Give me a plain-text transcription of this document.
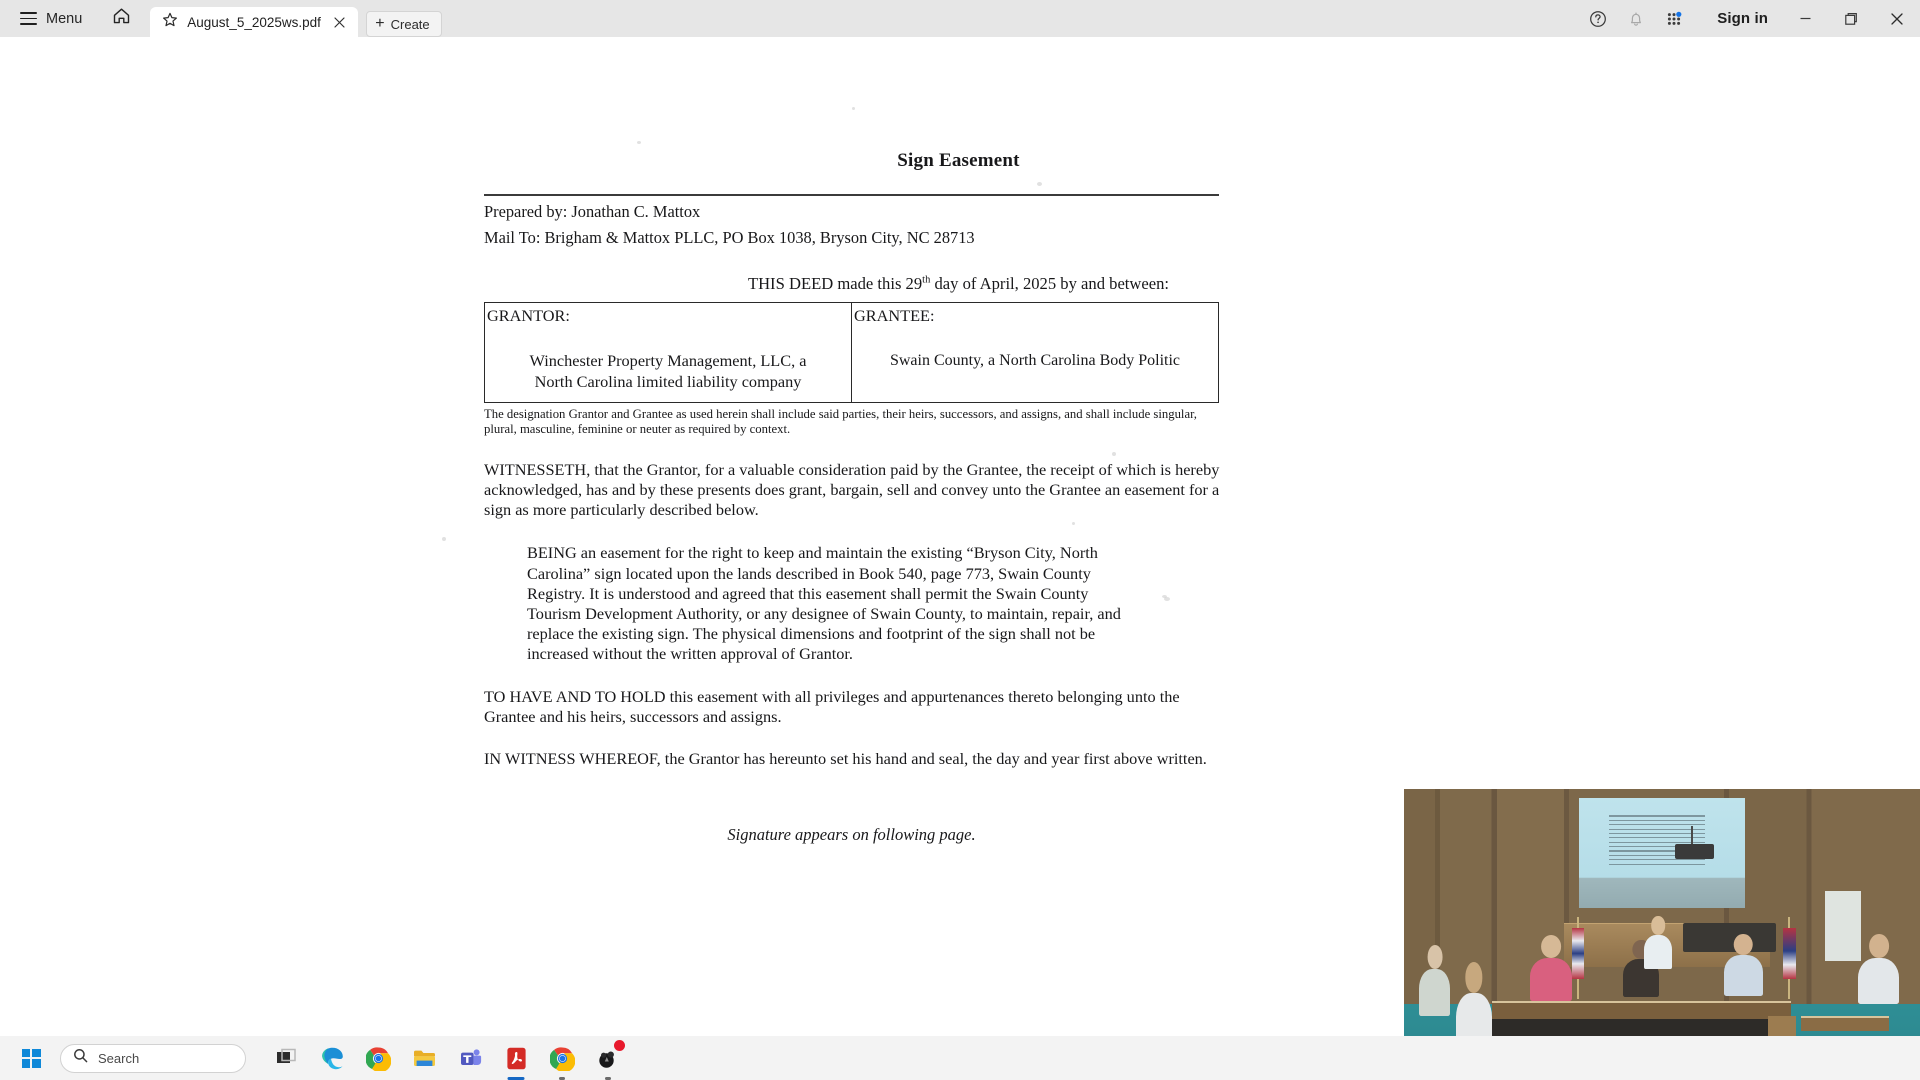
Menu	August_5_2025ws.pdf	+ Create	Sign in
Sign Easement
Prepared by: Jonathan C. Mattox
Mail To: Brigham & Mattox PLLC, PO Box 1038, Bryson City, NC 28713
THIS DEED made this 29th day of April, 2025 by and between:
GRANTOR:
Winchester Property Management, LLC, a
North Carolina limited liability company

GRANTEE:
Swain County, a North Carolina Body Politic
The designation Grantor and Grantee as used herein shall include said parties, their heirs, successors, and assigns, and shall include singular, plural, masculine, feminine or neuter as required by context.
WITNESSETH, that the Grantor, for a valuable consideration paid by the Grantee, the receipt of which is hereby acknowledged, has and by these presents does grant, bargain, sell and convey unto the Grantee an easement for a sign as more particularly described below.
BEING an easement for the right to keep and maintain the existing “Bryson City, North Carolina” sign located upon the lands described in Book 540, page 773, Swain County Registry. It is understood and agreed that this easement shall permit the Swain County Tourism Development Authority, or any designee of Swain County, to maintain, repair, and replace the existing sign. The physical dimensions and footprint of the sign shall not be increased without the written approval of Grantor.
TO HAVE AND TO HOLD this easement with all privileges and appurtenances thereto belonging unto the Grantee and his heirs, successors and assigns.
IN WITNESS WHEREOF, the Grantor has hereunto set his hand and seal, the day and year first above written.
Signature appears on following page.
Search
